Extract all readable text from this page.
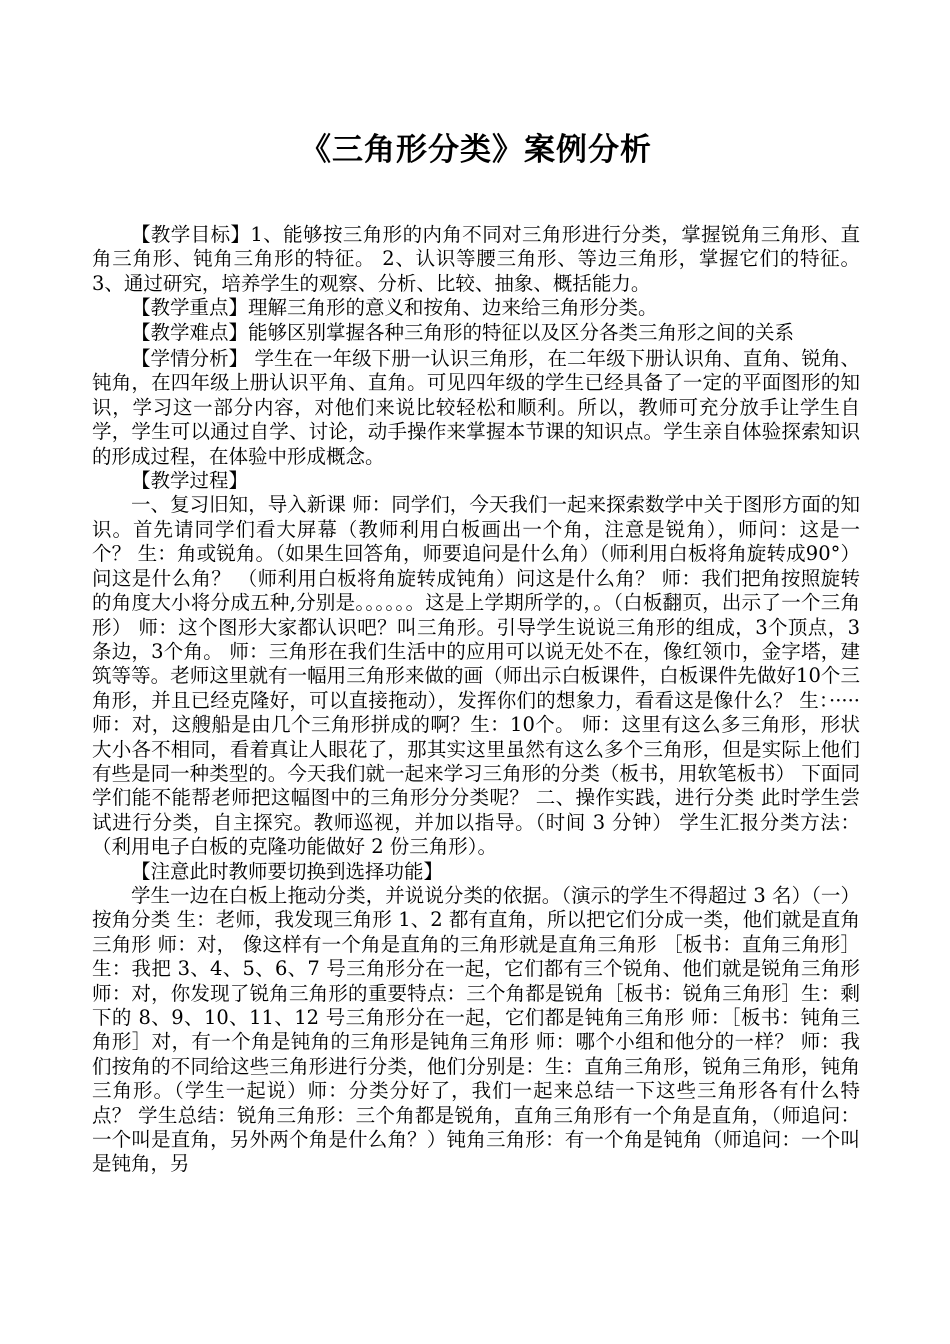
《三角形分类》案例分析

【教学目标】1、能够按三角形的内角不同对三角形进行分类，掌握锐角三角形、直角三角形、钝角三角形的特征。 2、认识等腰三角形、等边三角形，掌握它们的特征。 3、通过研究，培养学生的观察、分析、比较、抽象、概括能力。

【教学重点】理解三角形的意义和按角、边来给三角形分类。

【教学难点】能够区别掌握各种三角形的特征以及区分各类三角形之间的关系

【学情分析】 学生在一年级下册一认识三角形，在二年级下册认识角、直角、锐角、钝角，在四年级上册认识平角、直角。可见四年级的学生已经具备了一定的平面图形的知识，学习这一部分内容，对他们来说比较轻松和顺利。所以，教师可充分放手让学生自学，学生可以通过自学、讨论，动手操作来掌握本节课的知识点。学生亲自体验探索知识的形成过程，在体验中形成概念。

【教学过程】

一、复习旧知，导入新课 师：同学们，今天我们一起来探索数学中关于图形方面的知识。首先请同学们看大屏幕（教师利用白板画出一个角，注意是锐角），师问：这是一个？ 生：角或锐角。（如果生回答角，师要追问是什么角）（师利用白板将角旋转成90°）问这是什么角？ （师利用白板将角旋转成钝角）问这是什么角？ 师：我们把角按照旋转的角度大小将分成五种,分别是。。。。。。这是上学期所学的，。（白板翻页，出示了一个三角形） 师：这个图形大家都认识吧？叫三角形。引导学生说说三角形的组成，3个顶点，3条边，3个角。 师：三角形在我们生活中的应用可以说无处不在，像红领巾，金字塔，建筑等等。老师这里就有一幅用三角形来做的画（师出示白板课件，白板课件先做好10个三角形，并且已经克隆好，可以直接拖动），发挥你们的想象力，看看这是像什么？ 生：····· 师：对，这艘船是由几个三角形拼成的啊？生：10个。 师：这里有这么多三角形，形状大小各不相同，看着真让人眼花了，那其实这里虽然有这么多个三角形，但是实际上他们有些是同一种类型的。今天我们就一起来学习三角形的分类（板书，用软笔板书） 下面同学们能不能帮老师把这幅图中的三角形分分类呢？ 二、操作实践，进行分类 此时学生尝试进行分类，自主探究。教师巡视，并加以指导。（时间 3 分钟） 学生汇报分类方法： （利用电子白板的克隆功能做好 2 份三角形）。

【注意此时教师要切换到选择功能】

学生一边在白板上拖动分类，并说说分类的依据。（演示的学生不得超过 3 名）（一）按角分类 生：老师，我发现三角形 1、2 都有直角，所以把它们分成一类，他们就是直角三角形 师：对， 像这样有一个角是直角的三角形就是直角三角形 ［板书：直角三角形］ 生：我把 3、4、5、6、7 号三角形分在一起，它们都有三个锐角、他们就是锐角三角形 师：对，你发现了锐角三角形的重要特点：三个角都是锐角［板书：锐角三角形］生：剩下的 8、9、10、11、12 号三角形分在一起，它们都是钝角三角形 师：［板书：钝角三角形］对，有一个角是钝角的三角形是钝角三角形 师：哪个小组和他分的一样？ 师：我们按角的不同给这些三角形进行分类，他们分别是：生：直角三角形，锐角三角形，钝角三角形。（学生一起说）师：分类分好了，我们一起来总结一下这些三角形各有什么特点？ 学生总结：锐角三角形：三个角都是锐角，直角三角形有一个角是直角，（师追问：一个叫是直角，另外两个角是什么角？）钝角三角形：有一个角是钝角（师追问：一个叫是钝角，另
